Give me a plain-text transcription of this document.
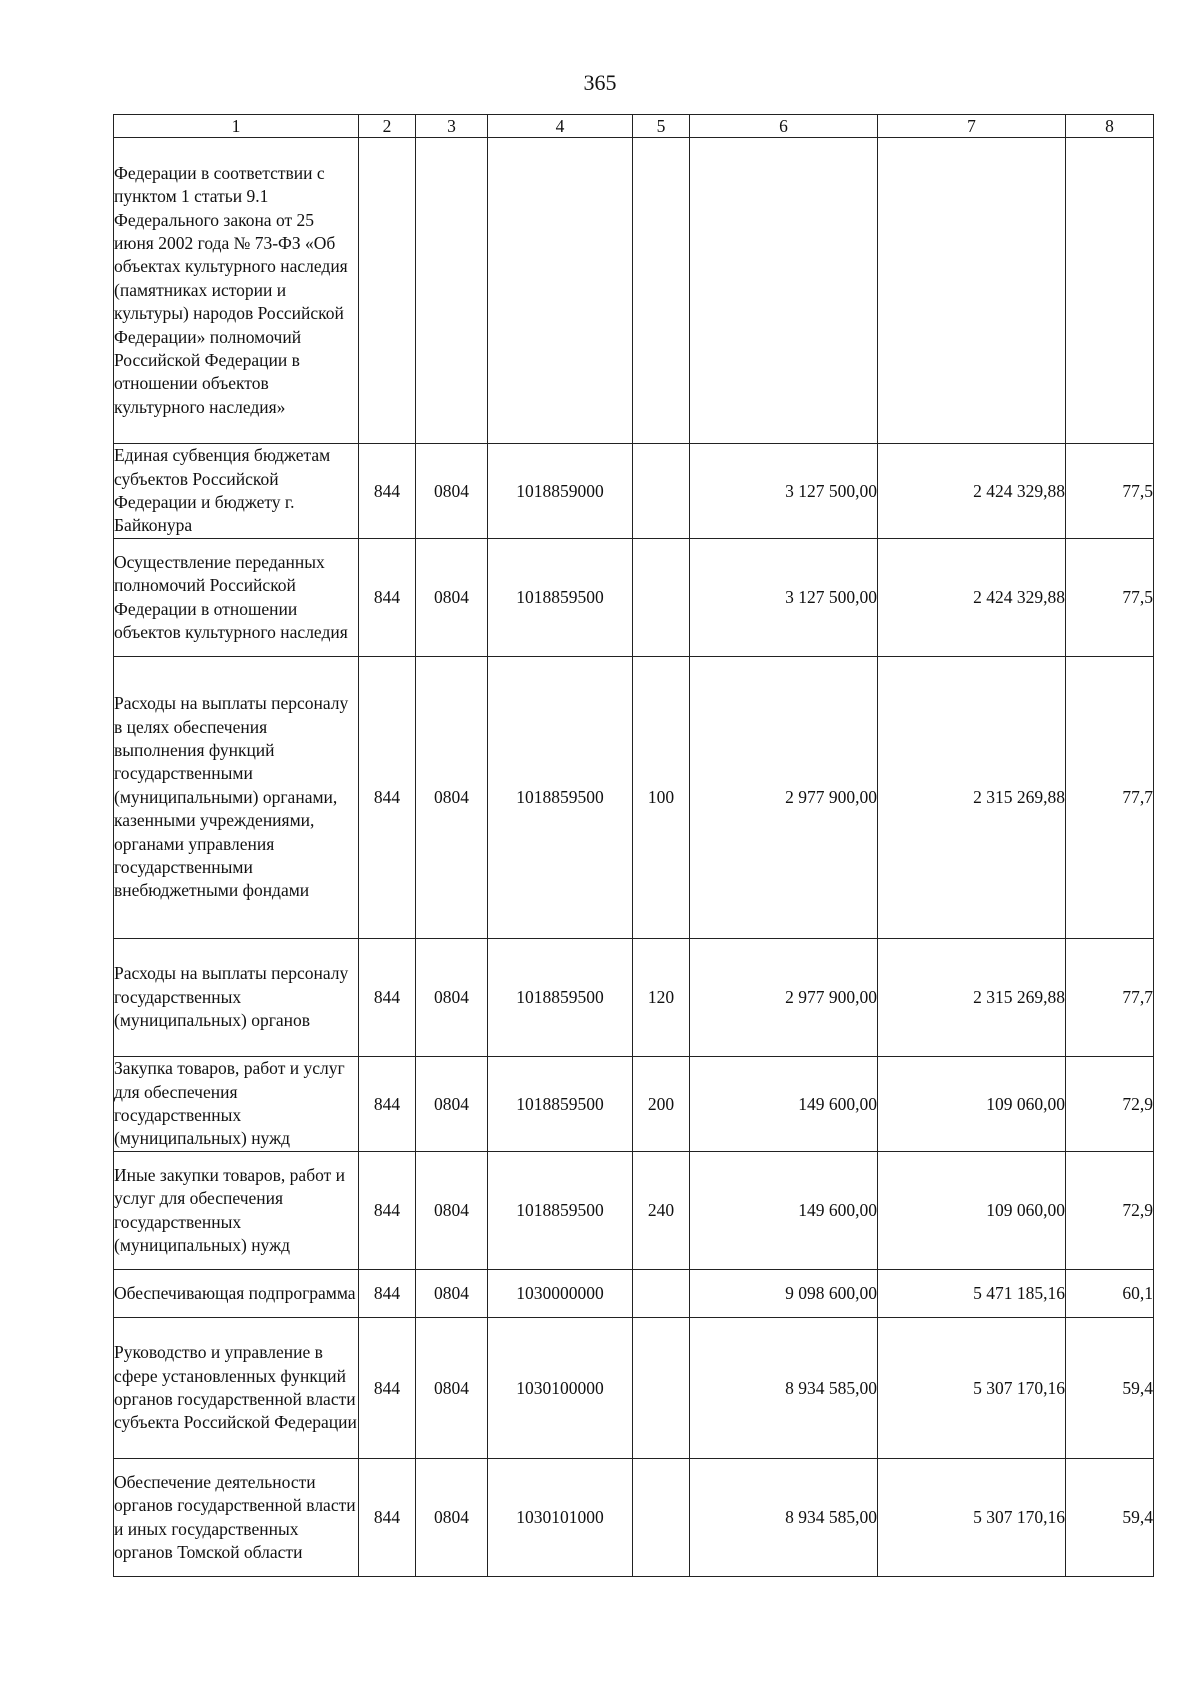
365
1	2	3	4	5	6	7	8
Федерации в соответствии с пунктом 1 статьи 9.1 Федерального закона от 25 июня 2002 года № 73-ФЗ «Об объектах культурного наследия (памятниках истории и культуры) народов Российской Федерации» полномочий Российской Федерации в отношении объектов культурного наследия»							
Единая субвенция бюджетам субъектов Российской Федерации и бюджету г. Байконура	844	0804	1018859000		3 127 500,00	2 424 329,88	77,5
Осуществление переданных полномочий Российской Федерации в отношении объектов культурного наследия	844	0804	1018859500		3 127 500,00	2 424 329,88	77,5
Расходы на выплаты персоналу в целях обеспечения выполнения функций государственными (муниципальными) органами, казенными учреждениями, органами управления государственными внебюджетными фондами	844	0804	1018859500	100	2 977 900,00	2 315 269,88	77,7
Расходы на выплаты персоналу государственных (муниципальных) органов	844	0804	1018859500	120	2 977 900,00	2 315 269,88	77,7
Закупка товаров, работ и услуг для обеспечения государственных (муниципальных) нужд	844	0804	1018859500	200	149 600,00	109 060,00	72,9
Иные закупки товаров, работ и услуг для обеспечения государственных (муниципальных) нужд	844	0804	1018859500	240	149 600,00	109 060,00	72,9
Обеспечивающая подпрограмма	844	0804	1030000000		9 098 600,00	5 471 185,16	60,1
Руководство и управление в сфере установленных функций органов государственной власти субъекта Российской Федерации	844	0804	1030100000		8 934 585,00	5 307 170,16	59,4
Обеспечение деятельности органов государственной власти и иных государственных органов Томской области	844	0804	1030101000		8 934 585,00	5 307 170,16	59,4
